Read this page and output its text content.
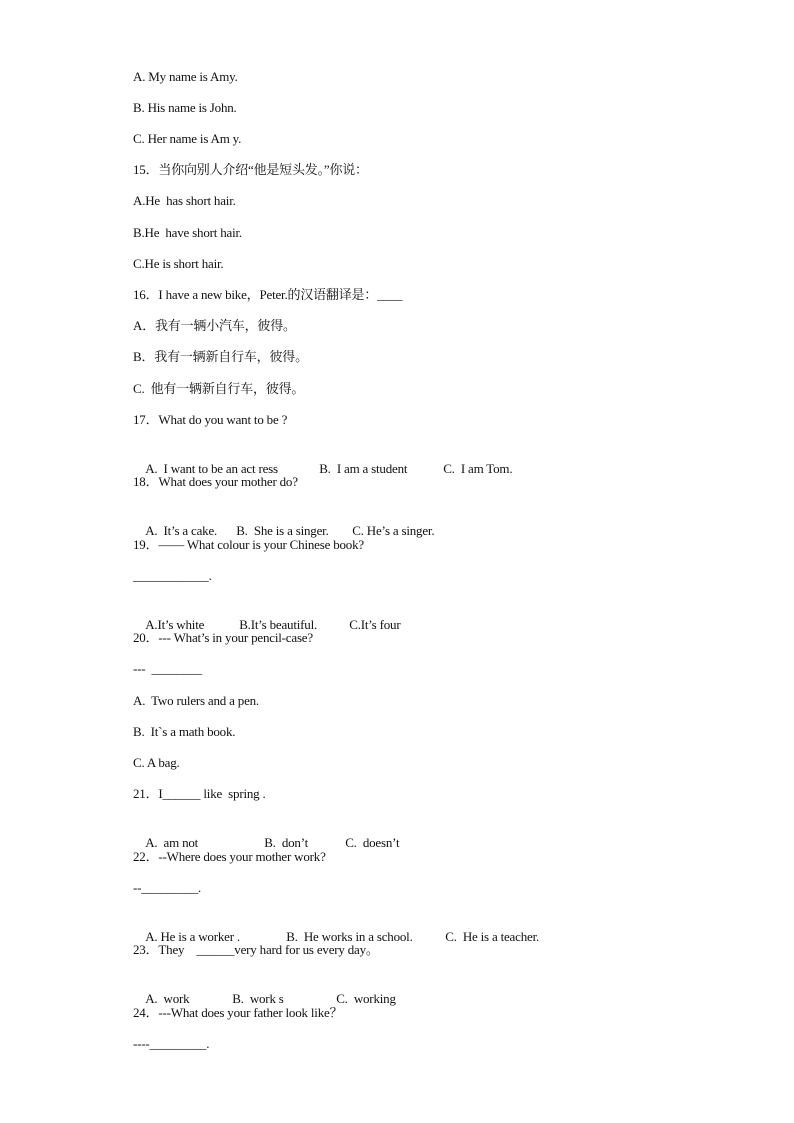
A. My name is Amy.
B. His name is John.
C. Her name is Am y.
15．当你向别人介绍“他是短头发。”你说：
A.He  has short hair.
B.He  have short hair.
C.He is short hair.
16．I have a new bike，Peter.的汉语翻译是：____
A．我有一辆小汽车，彼得。
B．我有一辆新自行车，彼得。
C.  他有一辆新自行车，彼得。
17．What do you want to be ?

A.  I want to be an act ress	B.  I am a student	C.  I am Tom.

18．What does your mother do?

A.  It’s a cake. B.  She is a singer. C. He’s a singer.

19．—— What colour is your Chinese book?
____________.

A.It’s white	B.It’s beautiful. C.It’s four

20．--- What’s in your pencil-case?
---  ________
A.  Two rulers and a pen.
B.  It`s a math book.
C. A bag.
21．I______ like  spring .

A.  am not	B.  don’t	C.  doesn’t

22．--Where does your mother work?
--_________.

A. He is a worker .	B.  He works in a school.	C.  He is a teacher.

23．They    ______very hard for us every day。

A.  work	B.  work s	C.  working

24．---What does your father look like？
----_________.
